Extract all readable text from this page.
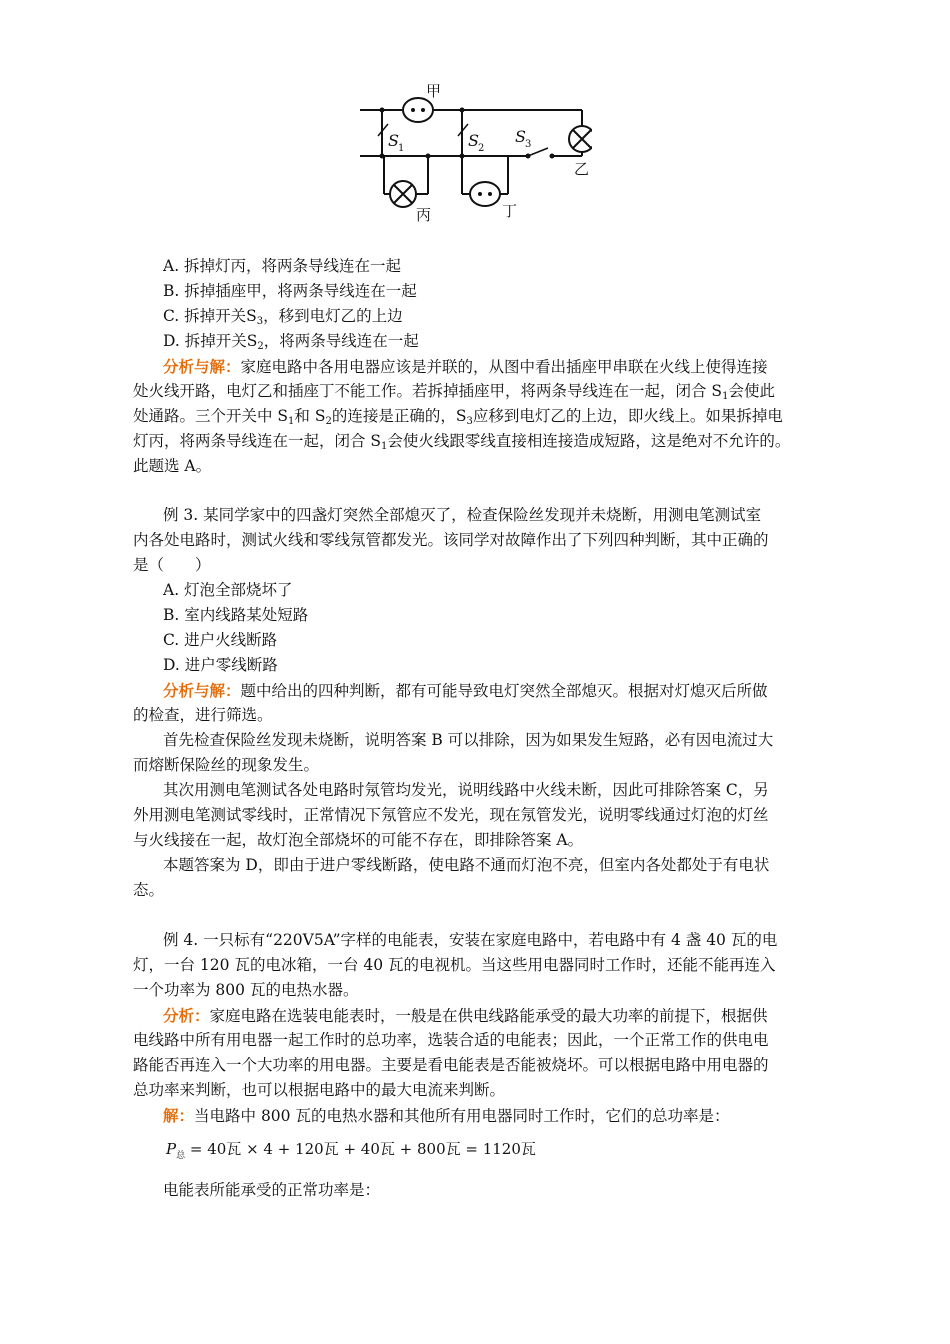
甲
乙
丙	丁
S 1	S 2
S 3
A. 拆掉灯丙，将两条导线连在一起
B. 拆掉插座甲，将两条导线连在一起
C. 拆掉开关$S_3$，移到电灯乙的上边
D. 拆掉开关$S_2$，将两条导线连在一起
分析与解：家庭电路中各用电器应该是并联的，从图中看出插座甲串联在火线上使得连接
处火线开路，电灯乙和插座丁不能工作。若拆掉插座甲，将两条导线连在一起，闭合 $S_1$会使此
处通路。三个开关中 $S_1$和 $S_2$的连接是正确的，$S_3$应移到电灯乙的上边，即火线上。如果拆掉电
灯丙，将两条导线连在一起，闭合 $S_1$会使火线跟零线直接相连接造成短路，这是绝对不允许的。
此题选 A。
例 3. 某同学家中的四盏灯突然全部熄灭了，检查保险丝发现并未烧断，用测电笔测试室
内各处电路时，测试火线和零线氖管都发光。该同学对故障作出了下列四种判断，其中正确的
是（　　）
A. 灯泡全部烧坏了
B. 室内线路某处短路
C. 进户火线断路
D. 进户零线断路
分析与解：题中给出的四种判断，都有可能导致电灯突然全部熄灭。根据对灯熄灭后所做
的检查，进行筛选。
首先检查保险丝发现未烧断，说明答案 B 可以排除，因为如果发生短路，必有因电流过大
而熔断保险丝的现象发生。
其次用测电笔测试各处电路时氖管均发光，说明线路中火线未断，因此可排除答案 C，另
外用测电笔测试零线时，正常情况下氖管应不发光，现在氖管发光，说明零线通过灯泡的灯丝
与火线接在一起，故灯泡全部烧坏的可能不存在，即排除答案 A。
本题答案为 D，即由于进户零线断路，使电路不通而灯泡不亮，但室内各处都处于有电状
态。
例 4. 一只标有“220V5A”字样的电能表，安装在家庭电路中，若电路中有 4 盏 40 瓦的电
灯，一台 120 瓦的电冰箱，一台 40 瓦的电视机。当这些用电器同时工作时，还能不能再连入
一个功率为 800 瓦的电热水器。
分析：家庭电路在选装电能表时，一般是在供电线路能承受的最大功率的前提下，根据供
电线路中所有用电器一起工作时的总功率，选装合适的电能表；因此，一个正常工作的供电电
路能否再连入一个大功率的用电器。主要是看电能表是否能被烧坏。可以根据电路中用电器的
总功率来判断，也可以根据电路中的最大电流来判断。
解：当电路中 800 瓦的电热水器和其他所有用电器同时工作时，它们的总功率是：
$P_总 = 40$瓦 × 4 + 120瓦 + 40瓦 + 800瓦 = 1120瓦
电能表所能承受的正常功率是：
